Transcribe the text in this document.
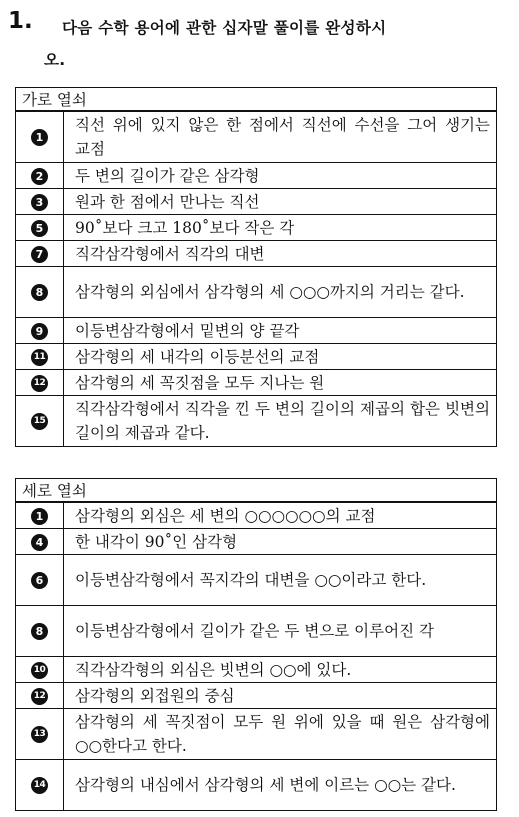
1. 다음 수학 용어에 관한 십자말 풀이를 완성하시
오.
가로 열쇠	
1	직선 위에 있지 않은 한 점에서 직선에 수선을 그어 생기는 교점
2	두 변의 길이가 같은 삼각형
3	원과 한 점에서 만나는 직선
5	90˚보다 크고 180˚보다 작은 각
7	직각삼각형에서 직각의 대변
8	삼각형의 외심에서 삼각형의 세 ○○○까지의 거리는 같다.
9	이등변삼각형에서 밑변의 양 끝각
11	삼각형의 세 내각의 이등분선의 교점
12	삼각형의 세 꼭짓점을 모두 지나는 원
15	직각삼각형에서 직각을 낀 두 변의 길이의 제곱의 합은 빗변의 길이의 제곱과 같다.
세로 열쇠	
1	삼각형의 외심은 세 변의 ○○○○○○의 교점
4	한 내각이 90˚인 삼각형
6	이등변삼각형에서 꼭지각의 대변을 ○○이라고 한다.
8	이등변삼각형에서 길이가 같은 두 변으로 이루어진 각
10	직각삼각형의 외심은 빗변의 ○○에 있다.
12	삼각형의 외접원의 중심
13	삼각형의 세 꼭짓점이 모두 원 위에 있을 때 원은 삼각형에 ○○한다고 한다.
14	삼각형의 내심에서 삼각형의 세 변에 이르는 ○○는 같다.
